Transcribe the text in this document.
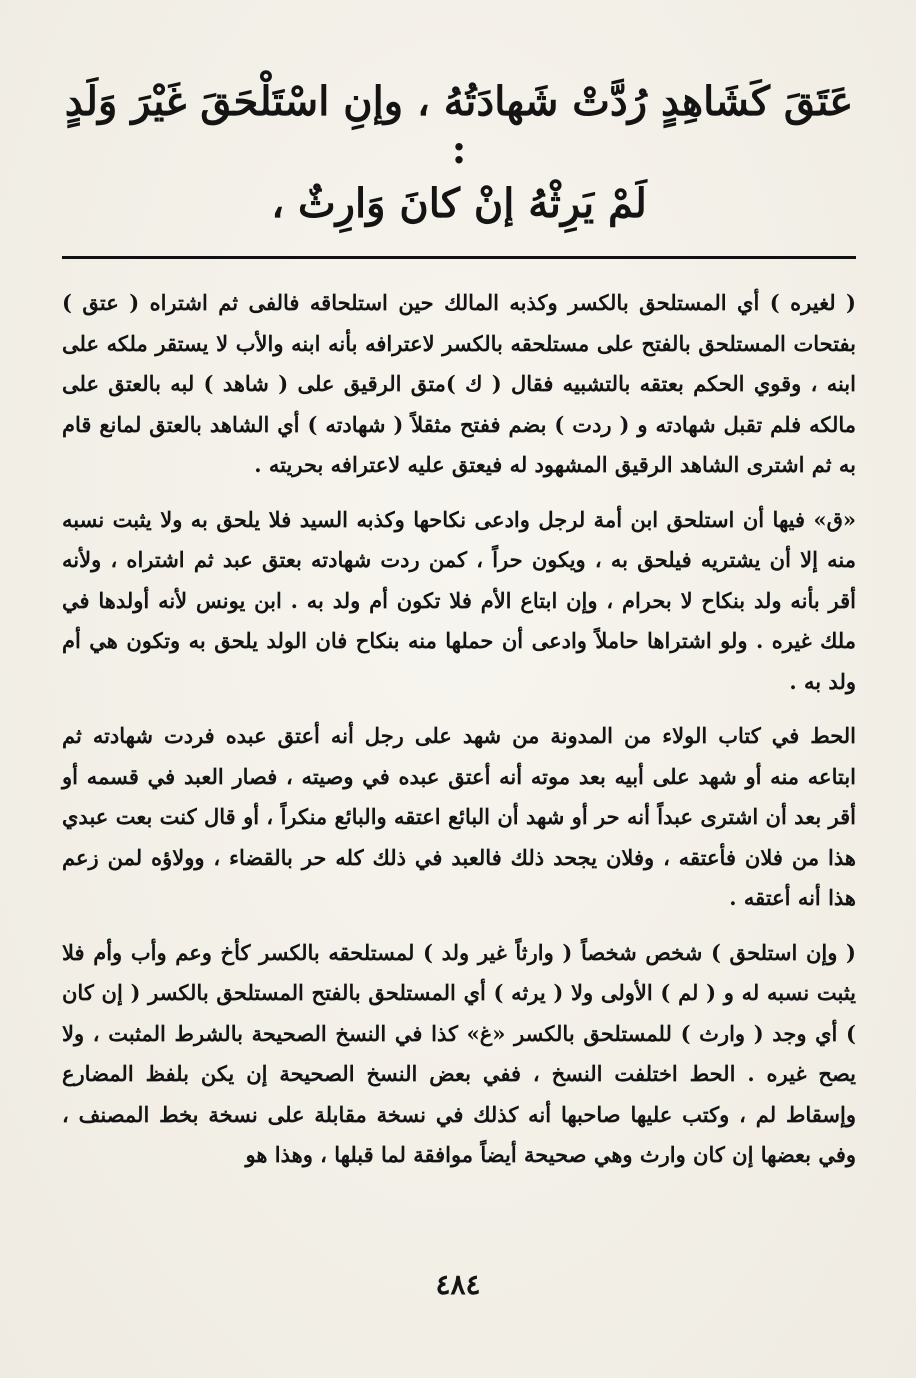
عَتَقَ كَشَاهِدٍ رُدَّتْ شَهادَتُهُ ، وإنِ اسْتَلْحَقَ غَيْرَ وَلَدٍ :
لَمْ يَرِثْهُ إنْ كانَ وَارِثٌ ،

( لغيره ) أي المستلحق بالكسر وكذبه المالك حين استلحاقه فالفى ثم اشتراه ( عتق ) بفتحات المستلحق بالفتح على مستلحقه بالكسر لاعترافه بأنه ابنه والأب لا يستقر ملكه على ابنه ، وقوي الحكم بعتقه بالتشبيه فقال ( ك )متق الرقيق على ( شاهد ) لبه بالعتق على مالكه فلم تقبل شهادته و ( ردت ) بضم ففتح مثقلاً ( شهادته ) أي الشاهد بالعتق لمانع قام به ثم اشترى الشاهد الرقيق المشهود له فيعتق عليه لاعترافه بحريته .

«ق» فيها أن استلحق ابن أمة لرجل وادعى نكاحها وكذبه السيد فلا يلحق به ولا يثبت نسبه منه إلا أن يشتريه فيلحق به ، ويكون حراً ، كمن ردت شهادته بعتق عبد ثم اشتراه ، ولأنه أقر بأنه ولد بنكاح لا بحرام ، وإن ابتاع الأم فلا تكون أم ولد به . ابن يونس لأنه أولدها في ملك غيره . ولو اشتراها حاملاً وادعى أن حملها منه بنكاح فان الولد يلحق به وتكون هي أم ولد به .

الحط في كتاب الولاء من المدونة من شهد على رجل أنه أعتق عبده فردت شهادته ثم ابتاعه منه أو شهد على أبيه بعد موته أنه أعتق عبده في وصيته ، فصار العبد في قسمه أو أقر بعد أن اشترى عبداً أنه حر أو شهد أن البائع اعتقه والبائع منكراً ، أو قال كنت بعت عبدي هذا من فلان فأعتقه ، وفلان يجحد ذلك فالعبد في ذلك كله حر بالقضاء ، وولاؤه لمن زعم هذا أنه أعتقه .

( وإن استلحق ) شخص شخصاً ( وارثاً غير ولد ) لمستلحقه بالكسر كأخ وعم وأب وأم فلا يثبت نسبه له و ( لم ) الأولى ولا ( يرثه ) أي المستلحق بالفتح المستلحق بالكسر ( إن كان ) أي وجد ( وارث ) للمستلحق بالكسر «غ» كذا في النسخ الصحيحة بالشرط المثبت ، ولا يصح غيره . الحط اختلفت النسخ ، ففي بعض النسخ الصحيحة إن يكن بلفظ المضارع وإسقاط لم ، وكتب عليها صاحبها أنه كذلك في نسخة مقابلة على نسخة بخط المصنف ، وفي بعضها إن كان وارث وهي صحيحة أيضاً موافقة لما قبلها ، وهذا هو

٤٨٤
